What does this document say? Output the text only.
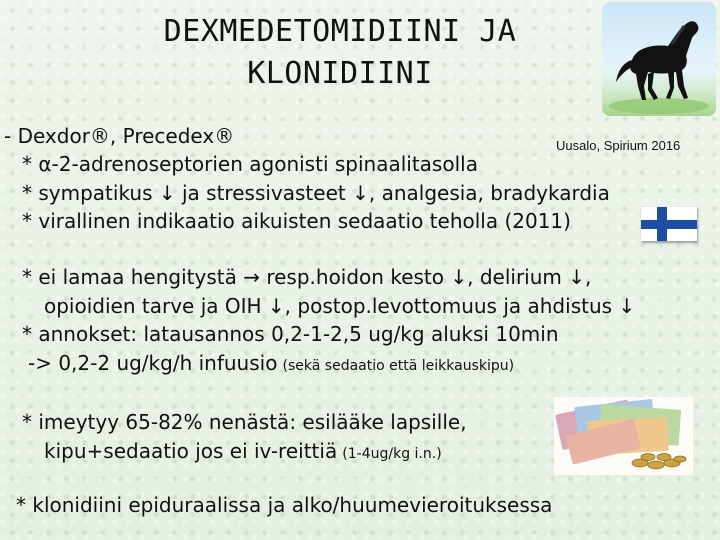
DEXMEDETOMIDIINI JA
KLONIDIINI
- Dexdor®, Precedex®	Uusalo, Spirium 2016
* α-2-adrenoseptorien agonisti spinaalitasolla
* sympatikus ↓ ja stressivasteet ↓, analgesia, bradykardia
* virallinen indikaatio aikuisten sedaatio teholla (2011)
* ei lamaa hengitystä → resp.hoidon kesto ↓, delirium ↓,
opioidien tarve ja OIH ↓, postop.levottomuus ja ahdistus ↓
* annokset: latausannos 0,2-1-2,5 ug/kg aluksi 10min
-> 0,2-2 ug/kg/h infuusio (sekä sedaatio että leikkauskipu)
* imeytyy 65-82% nenästä: esilääke lapsille,
kipu+sedaatio jos ei iv-reittiä (1-4ug/kg i.n.)
* klonidiini epiduraalissa ja alko/huumevieroituksessa
